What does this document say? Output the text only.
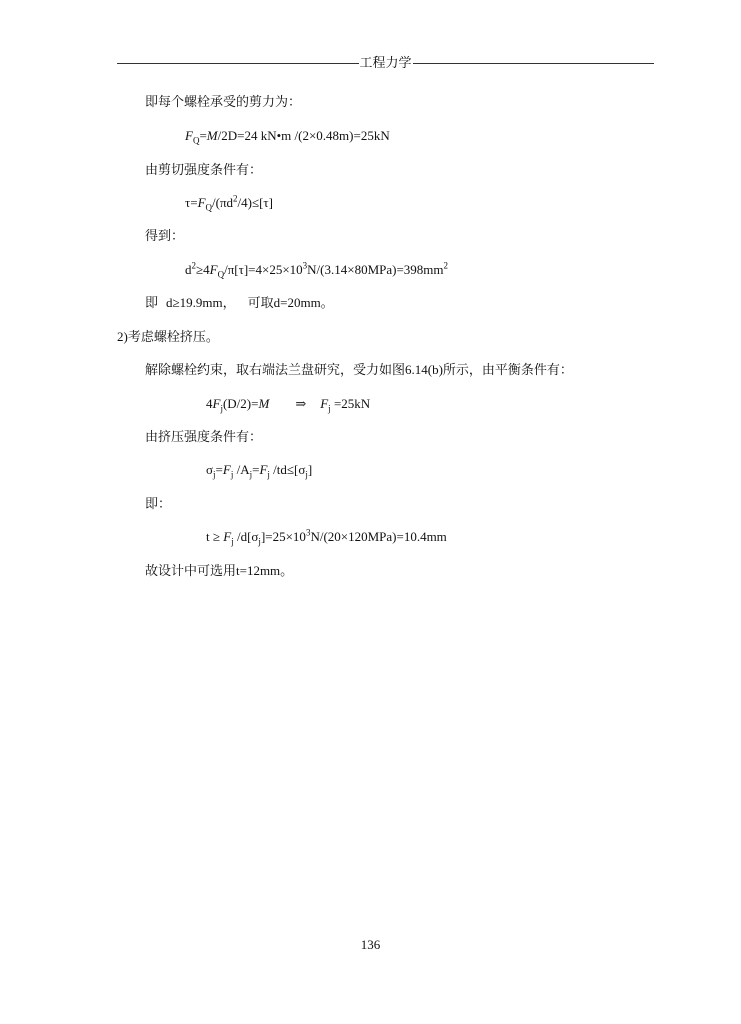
工程力学
即每个螺栓承受的剪力为：
$F_Q=M/2D=24$ kN•m /(2×0.48m)=25kN
由剪切强度条件有：
$\tau=F_Q/(\pi d^2/4)\le[\tau]$
得到：
$d^2\ge 4F_Q/\pi[\tau]=4\times 25\times 10^3N/(3.14\times 80MPa)=398mm^2$
即 d≥19.9mm， 可取d=20mm。
2)考虑螺栓挤压。
解除螺栓约束，取右端法兰盘研究，受力如图6.14(b)所示，由平衡条件有：
$4F_j(D/2)=M$ ⇒ $F_j =25kN$
由挤压强度条件有：
$\sigma_j=F_j$ $/A_j=F_j$ $/td\le[\sigma_j]$
即：
$t \ge F_j$ $/d[\sigma_j]=25\times 10^3N/(20\times 120MPa)=10.4mm$
故设计中可选用t=12mm。
136
